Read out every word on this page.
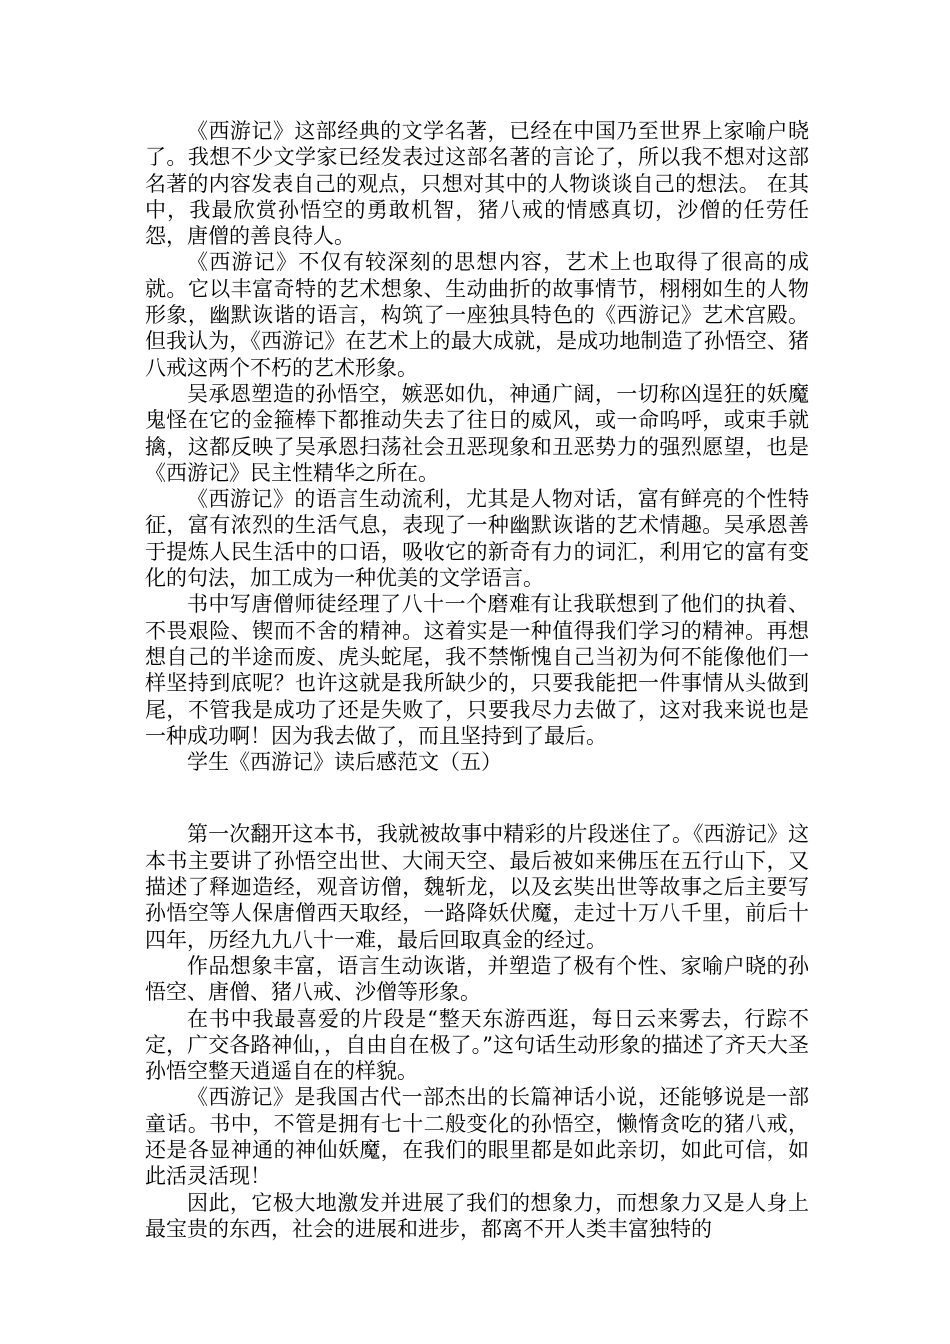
《西游记》这部经典的文学名著，已经在中国乃至世界上家喻户晓了。我想不少文学家已经发表过这部名著的言论了，所以我不想对这部名著的内容发表自己的观点，只想对其中的人物谈谈自己的想法。 在其中，我最欣赏孙悟空的勇敢机智，猪八戒的情感真切，沙僧的任劳任怨，唐僧的善良待人。

《西游记》不仅有较深刻的思想内容，艺术上也取得了很高的成就。它以丰富奇特的艺术想象、生动曲折的故事情节，栩栩如生的人物形象，幽默诙谐的语言，构筑了一座独具特色的《西游记》艺术宫殿。但我认为，《西游记》在艺术上的最大成就，是成功地制造了孙悟空、猪八戒这两个不朽的艺术形象。

吴承恩塑造的孙悟空，嫉恶如仇，神通广阔，一切称凶逞狂的妖魔鬼怪在它的金箍棒下都推动失去了往日的威风，或一命呜呼，或束手就擒，这都反映了吴承恩扫荡社会丑恶现象和丑恶势力的强烈愿望，也是《西游记》民主性精华之所在。

《西游记》的语言生动流利，尤其是人物对话，富有鲜亮的个性特征，富有浓烈的生活气息，表现了一种幽默诙谐的艺术情趣。吴承恩善于提炼人民生活中的口语，吸收它的新奇有力的词汇，利用它的富有变化的句法，加工成为一种优美的文学语言。

书中写唐僧师徒经理了八十一个磨难有让我联想到了他们的执着、不畏艰险、锲而不舍的精神。这着实是一种值得我们学习的精神。再想想自己的半途而废、虎头蛇尾，我不禁惭愧自己当初为何不能像他们一样坚持到底呢？也许这就是我所缺少的，只要我能把一件事情从头做到尾，不管我是成功了还是失败了，只要我尽力去做了，这对我来说也是一种成功啊！因为我去做了，而且坚持到了最后。

学生《西游记》读后感范文（五）

第一次翻开这本书，我就被故事中精彩的片段迷住了。《西游记》这本书主要讲了孙悟空出世、大闹天空、最后被如来佛压在五行山下，又描述了释迦造经，观音访僧，魏斩龙，以及玄奘出世等故事之后主要写孙悟空等人保唐僧西天取经，一路降妖伏魔，走过十万八千里，前后十四年，历经九九八十一难，最后回取真金的经过。

作品想象丰富，语言生动诙谐，并塑造了极有个性、家喻户晓的孙悟空、唐僧、猪八戒、沙僧等形象。

在书中我最喜爱的片段是“整天东游西逛，每日云来雾去，行踪不定，广交各路神仙，，自由自在极了。”这句话生动形象的描述了齐天大圣孙悟空整天逍遥自在的样貌。

《西游记》是我国古代一部杰出的长篇神话小说，还能够说是一部童话。书中，不管是拥有七十二般变化的孙悟空，懒惰贪吃的猪八戒，还是各显神通的神仙妖魔，在我们的眼里都是如此亲切，如此可信，如此活灵活现！

因此，它极大地激发并进展了我们的想象力，而想象力又是人身上最宝贵的东西，社会的进展和进步，都离不开人类丰富独特的
